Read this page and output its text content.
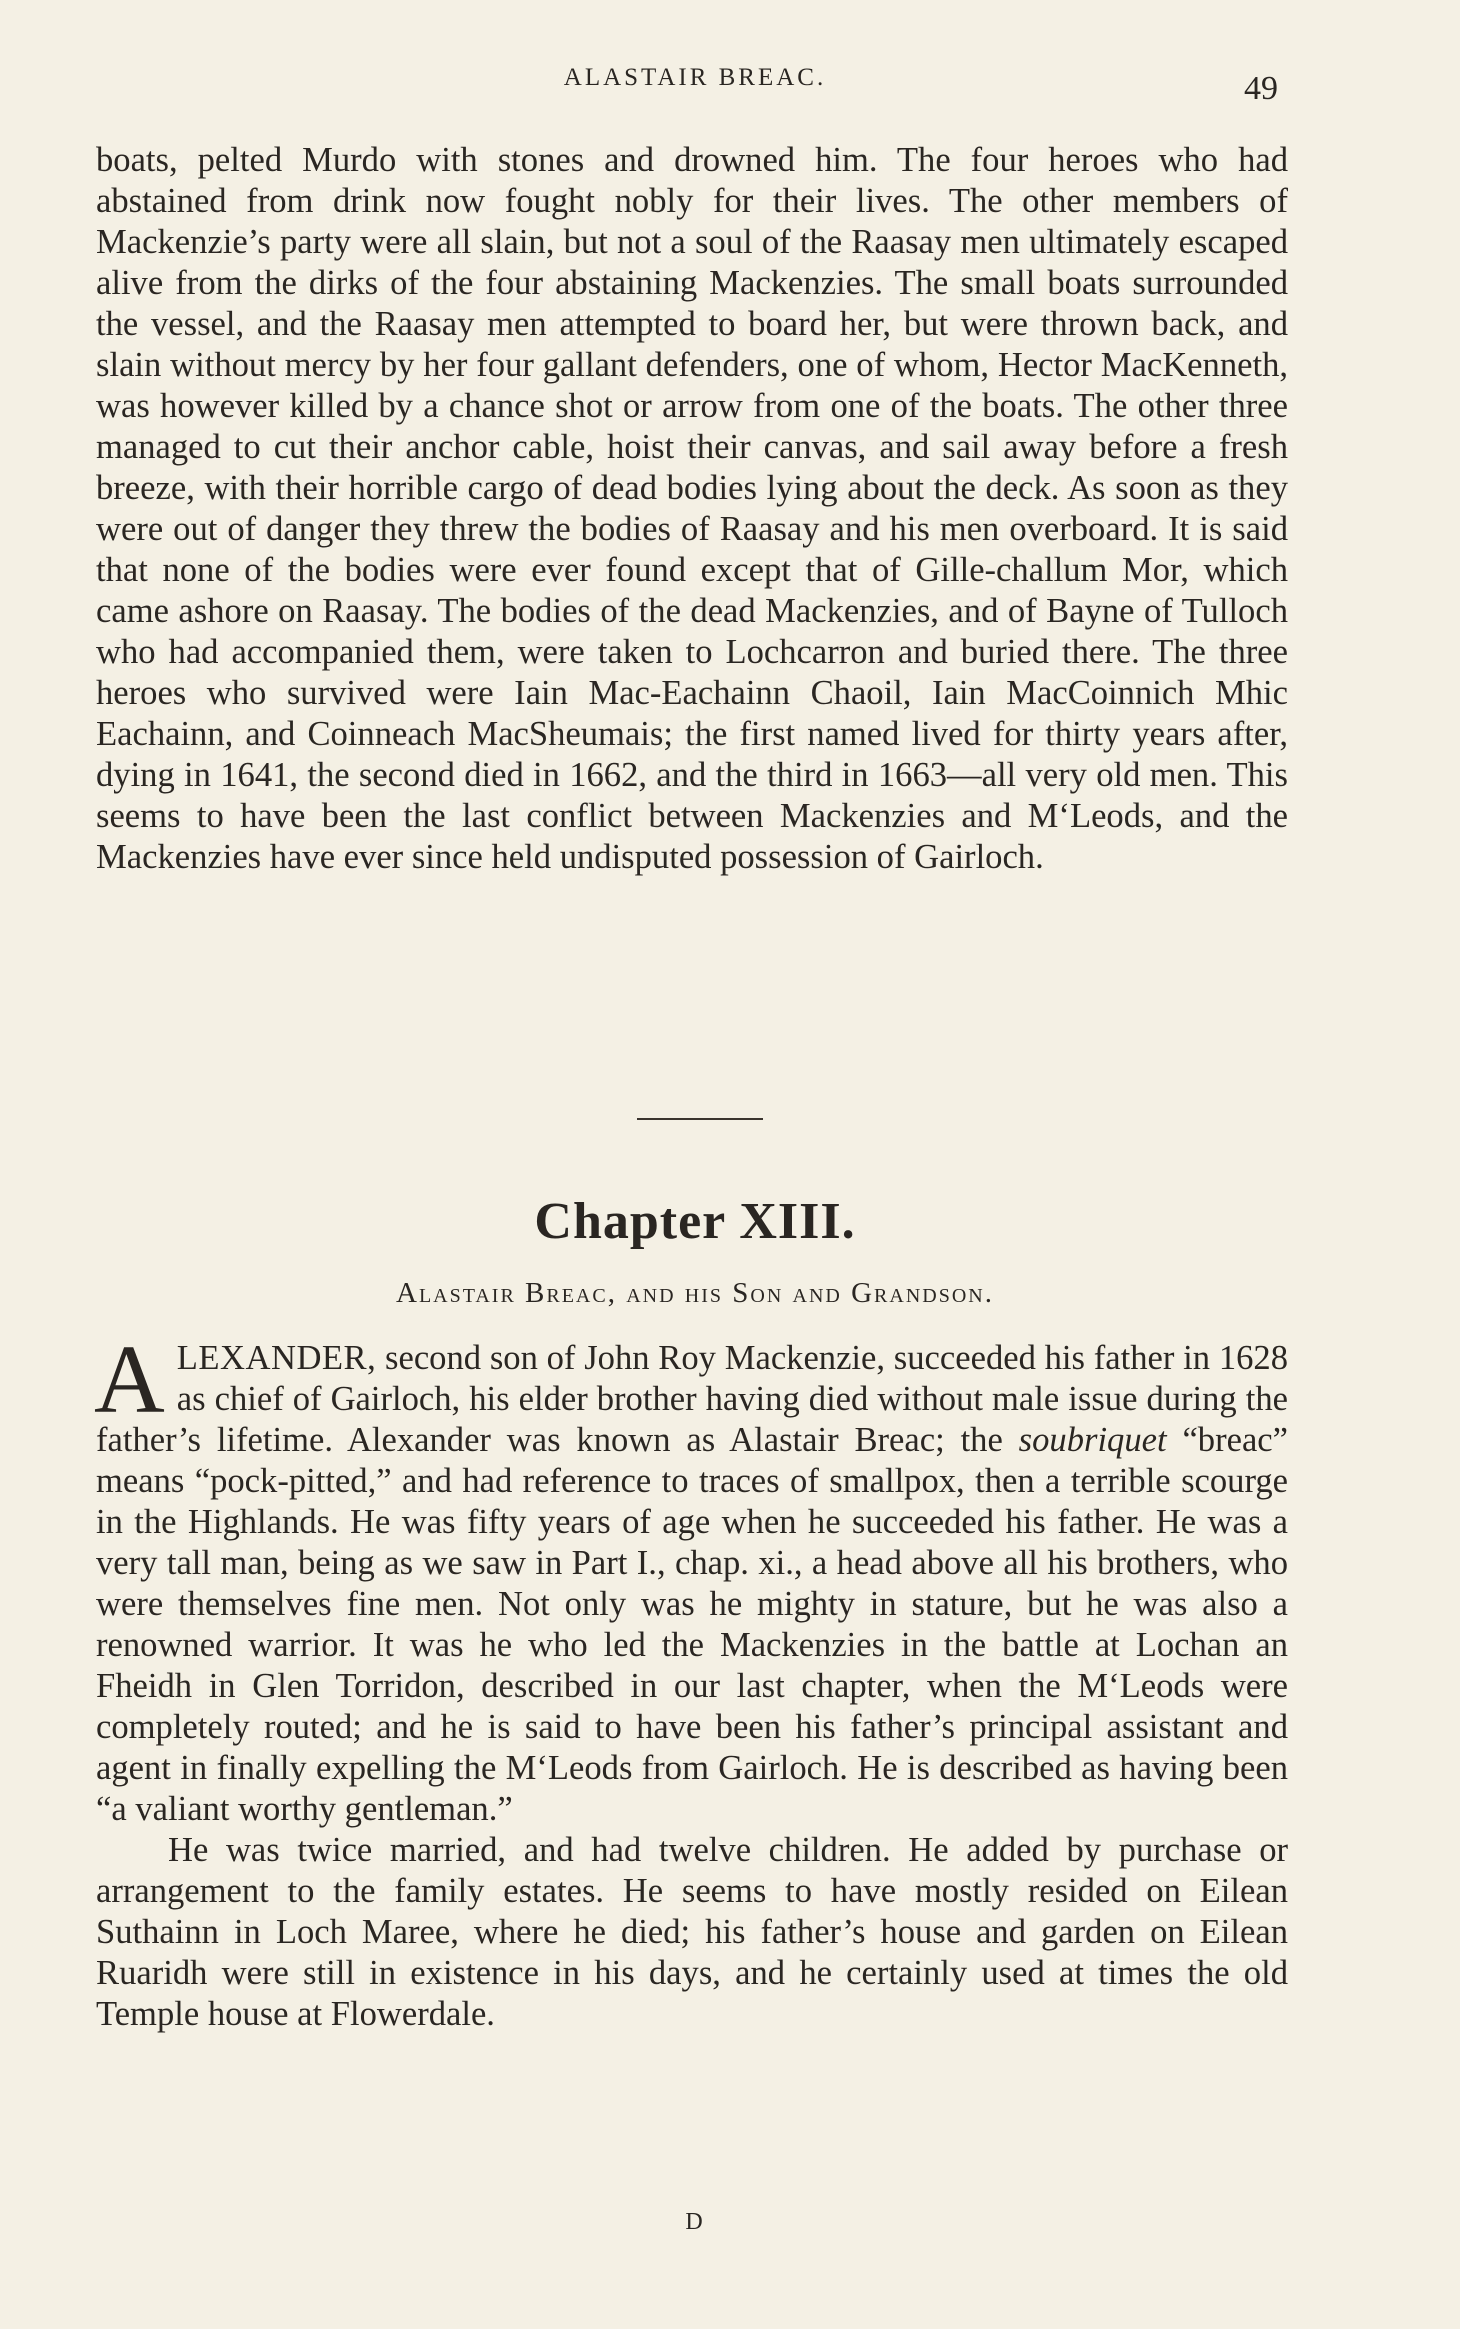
ALASTAIR BREAC.	49

boats, pelted Murdo with stones and drowned him. The four heroes who had abstained from drink now fought nobly for their lives. The other members of Mackenzie’s party were all slain, but not a soul of the Raasay men ultimately escaped alive from the dirks of the four abstaining Mackenzies. The small boats surrounded the vessel, and the Raasay men attempted to board her, but were thrown back, and slain without mercy by her four gallant defenders, one of whom, Hector MacKenneth, was however killed by a chance shot or arrow from one of the boats. The other three managed to cut their anchor cable, hoist their canvas, and sail away before a fresh breeze, with their horrible cargo of dead bodies lying about the deck. As soon as they were out of danger they threw the bodies of Raasay and his men overboard. It is said that none of the bodies were ever found except that of Gille-challum Mor, which came ashore on Raasay. The bodies of the dead Mackenzies, and of Bayne of Tulloch who had accompanied them, were taken to Lochcarron and buried there. The three heroes who survived were Iain Mac-Eachainn Chaoil, Iain MacCoinnich Mhic Eachainn, and Coinneach MacSheumais; the first named lived for thirty years after, dying in 1641, the second died in 1662, and the third in 1663—all very old men. This seems to have been the last conflict between Mackenzies and M‘Leods, and the Mackenzies have ever since held undisputed possession of Gairloch.

Chapter XIII.
Alastair Breac, and his Son and Grandson.

ALEXANDER, second son of John Roy Mackenzie, succeeded his father in 1628 as chief of Gairloch, his elder brother having died without male issue during the father’s lifetime. Alexander was known as Alastair Breac; the soubriquet “breac” means “pock-pitted,” and had reference to traces of smallpox, then a terrible scourge in the Highlands. He was fifty years of age when he succeeded his father. He was a very tall man, being as we saw in Part I., chap. xi., a head above all his brothers, who were themselves fine men. Not only was he mighty in stature, but he was also a renowned warrior. It was he who led the Mackenzies in the battle at Lochan an Fheidh in Glen Torridon, described in our last chapter, when the M‘Leods were completely routed; and he is said to have been his father’s principal assistant and agent in finally expelling the M‘Leods from Gairloch. He is described as having been “a valiant worthy gentleman.”

He was twice married, and had twelve children. He added by purchase or arrangement to the family estates. He seems to have mostly resided on Eilean Suthainn in Loch Maree, where he died; his father’s house and garden on Eilean Ruaridh were still in existence in his days, and he certainly used at times the old Temple house at Flowerdale.

D
